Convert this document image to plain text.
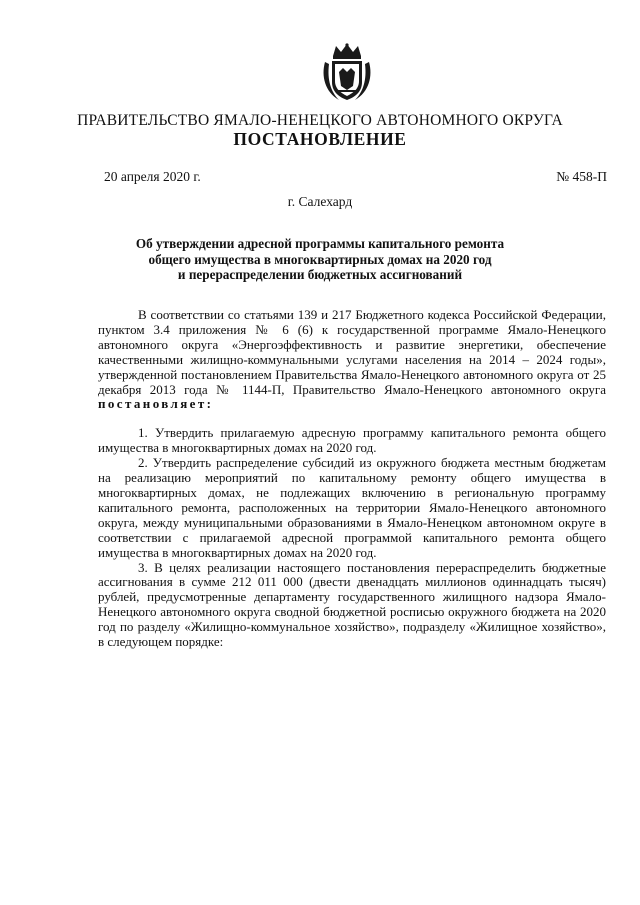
ПРАВИТЕЛЬСТВО ЯМАЛО-НЕНЕЦКОГО АВТОНОМНОГО ОКРУГА
ПОСТАНОВЛЕНИЕ
20 апреля 2020 г.	№ 458-П
г. Салехард
Об утверждении адресной программы капитального ремонта
общего имущества в многоквартирных домах на 2020 год
и перераспределении бюджетных ассигнований

В соответствии со статьями 139 и 217 Бюджетного кодекса Российской Федерации, пунктом 3.4 приложения № 6 (6) к государственной программе Ямало-Ненецкого автономного округа «Энергоэффективность и развитие энергетики, обеспечение качественными жилищно-коммунальными услугами населения на 2014 – 2024 годы», утвержденной постановлением Правительства Ямало-Ненецкого автономного округа от 25 декабря 2013 года № 1144-П, Правительство Ямало-Ненецкого автономного округа постановляет:

1. Утвердить прилагаемую адресную программу капитального ремонта общего имущества в многоквартирных домах на 2020 год.

2. Утвердить распределение субсидий из окружного бюджета местным бюджетам на реализацию мероприятий по капитальному ремонту общего имущества в многоквартирных домах, не подлежащих включению в региональную программу капитального ремонта, расположенных на территории Ямало-Ненецкого автономного округа, между муниципальными образованиями в Ямало-Ненецком автономном округе в соответствии с прилагаемой адресной программой капитального ремонта общего имущества в многоквартирных домах на 2020 год.

3. В целях реализации настоящего постановления перераспределить бюджетные ассигнования в сумме 212 011 000 (двести двенадцать миллионов одиннадцать тысяч) рублей, предусмотренные департаменту государственного жилищного надзора Ямало-Ненецкого автономного округа сводной бюджетной росписью окружного бюджета на 2020 год по разделу «Жилищно-коммунальное хозяйство», подразделу «Жилищное хозяйство», в следующем порядке:
